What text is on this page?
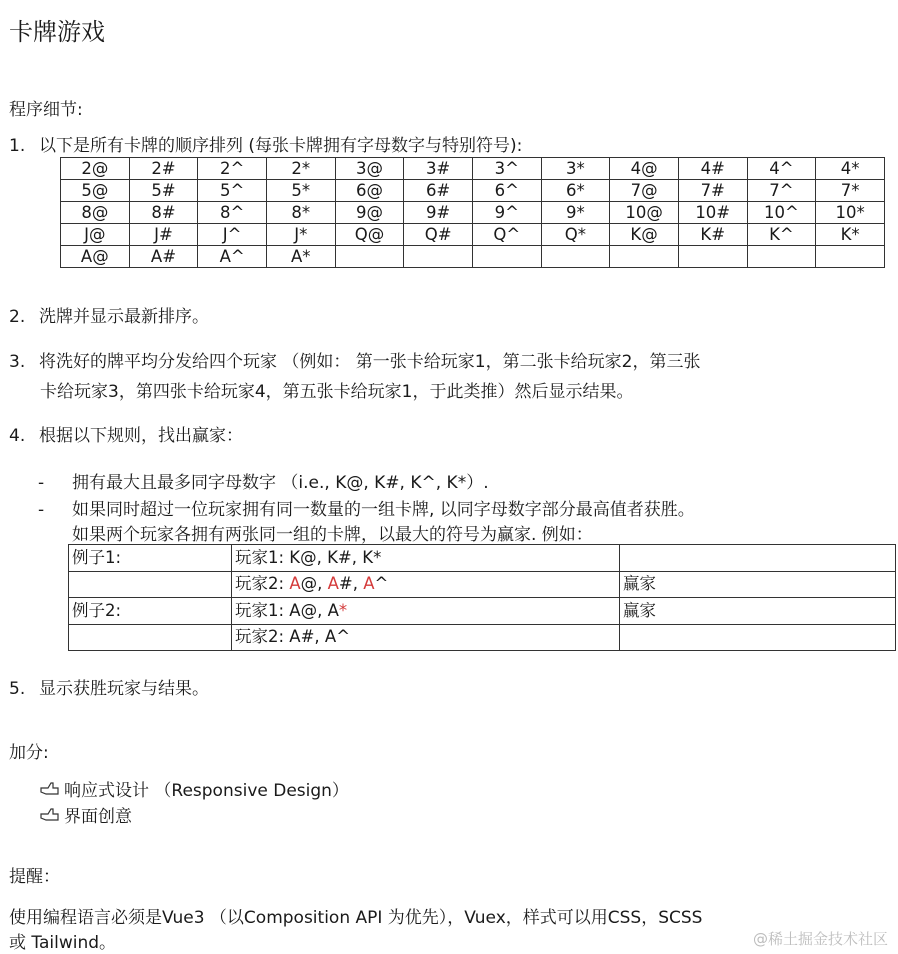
卡牌游戏
程序细节:
1. 以下是所有卡牌的顺序排列 (每张卡牌拥有字母数字与特别符号):
2@	2#	2^	2*	3@	3#	3^	3*	4@	4#	4^	4*
5@	5#	5^	5*	6@	6#	6^	6*	7@	7#	7^	7*
8@	8#	8^	8*	9@	9#	9^	9*	10@	10#	10^	10*
J@	J#	J^	J*	Q@	Q#	Q^	Q*	K@	K#	K^	K*
A@	A#	A^	A*								
2. 洗牌并显示最新排序。
3. 将洗好的牌平均分发给四个玩家 （例如： 第一张卡给玩家1，第二张卡给玩家2，第三张
卡给玩家3，第四张卡给玩家4，第五张卡给玩家1，于此类推）然后显示结果。
4. 根据以下规则，找出赢家：
- 拥有最大且最多同字母数字 （i.e., K@, K#, K^, K*）.
- 如果同时超过一位玩家拥有同一数量的一组卡牌, 以同字母数字部分最高值者获胜。
如果两个玩家各拥有两张同一组的卡牌，以最大的符号为赢家. 例如：
例子1:	玩家1: K@, K#, K*	
	玩家2: A@, A#, A^	赢家
例子2:	玩家1: A@, A*	赢家
	玩家2: A#, A^	
5. 显示获胜玩家与结果。
加分:
响应式设计 （Responsive Design）
界面创意
提醒：
使用编程语言必须是Vue3 （以Composition API 为优先），Vuex，样式可以用CSS，SCSS
或 Tailwind。	@稀土掘金技术社区
